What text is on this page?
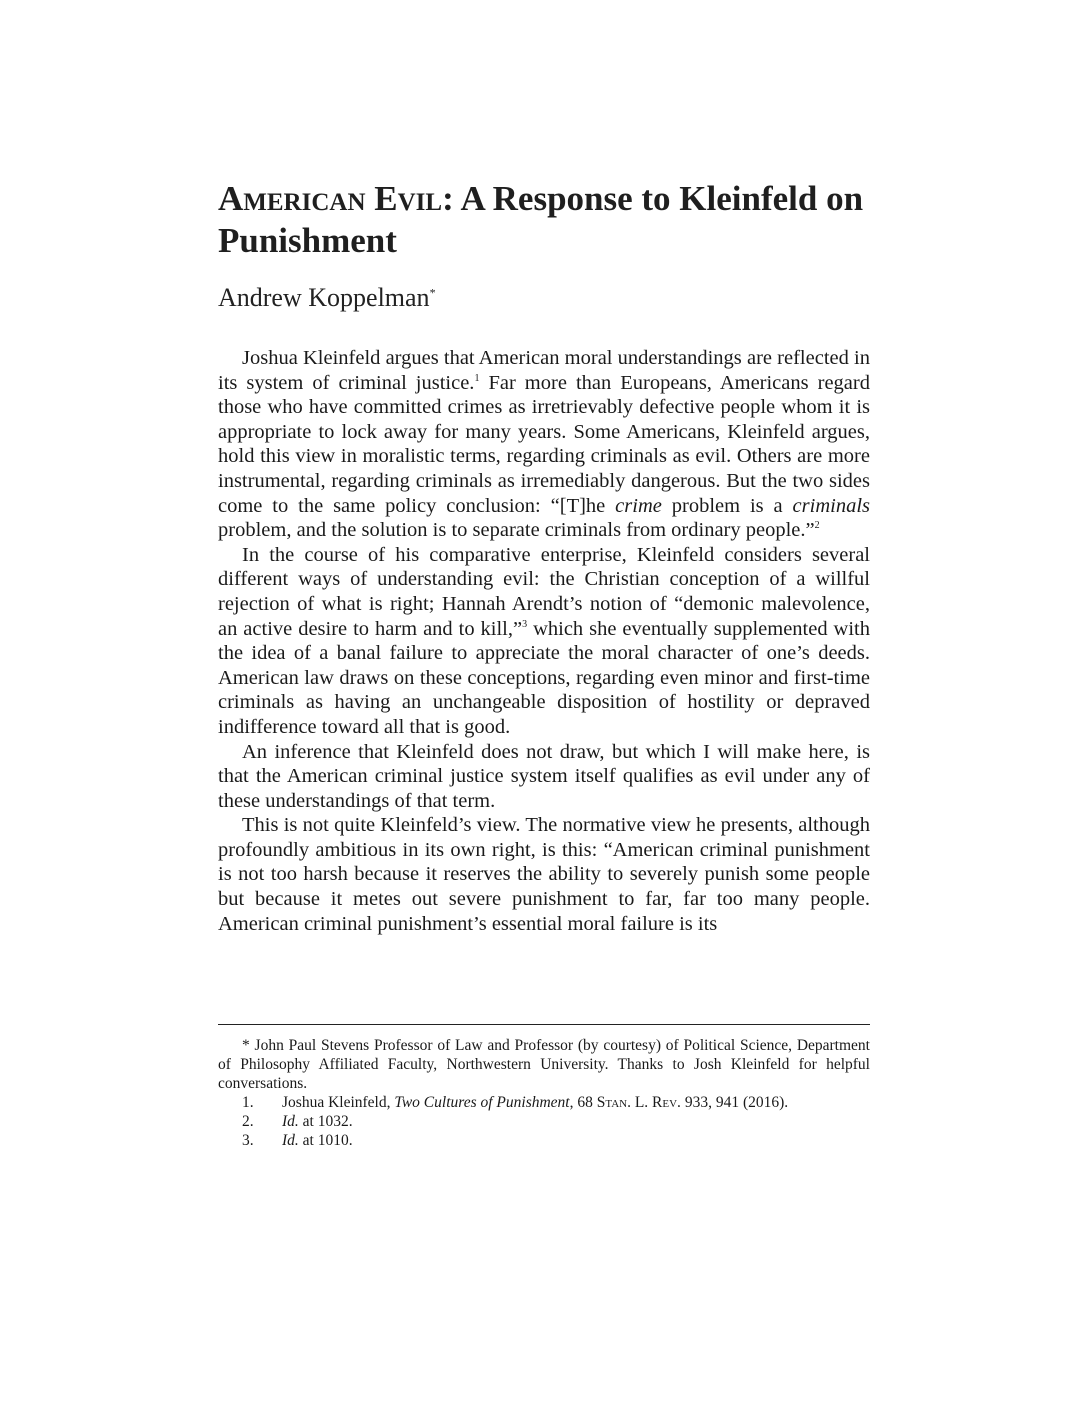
American Evil: A Response to Kleinfeld on Punishment
Andrew Koppelman*

Joshua Kleinfeld argues that American moral understandings are reflected in its system of criminal justice.$^1$ Far more than Europeans, Americans regard those who have committed crimes as irretrievably defective people whom it is appropriate to lock away for many years. Some Americans, Kleinfeld argues, hold this view in moralistic terms, regarding criminals as evil. Others are more instrumental, regarding criminals as irremediably dangerous. But the two sides come to the same policy conclusion: “[T]he crime problem is a criminals problem, and the solution is to separate criminals from ordinary people.”$^2$

In the course of his comparative enterprise, Kleinfeld considers several different ways of understanding evil: the Christian conception of a willful rejection of what is right; Hannah Arendt’s notion of “demonic malevolence, an active desire to harm and to kill,”$^3$ which she eventually supplemented with the idea of a banal failure to appreciate the moral character of one’s deeds. American law draws on these conceptions, regarding even minor and first-time criminals as having an unchangeable disposition of hostility or depraved indifference toward all that is good.

An inference that Kleinfeld does not draw, but which I will make here, is that the American criminal justice system itself qualifies as evil under any of these understandings of that term.

This is not quite Kleinfeld’s view. The normative view he presents, although profoundly ambitious in its own right, is this: “American criminal punishment is not too harsh because it reserves the ability to severely punish some people but because it metes out severe punishment to far, far too many people. American criminal punishment’s essential moral failure is its

* John Paul Stevens Professor of Law and Professor (by courtesy) of Political Science, Department of Philosophy Affiliated Faculty, Northwestern University. Thanks to Josh Kleinfeld for helpful conversations.

1.	Joshua Kleinfeld, Two Cultures of Punishment, 68 Stan. L. Rev. 933, 941 (2016).
2.	Id. at 1032.
3.	Id. at 1010.
